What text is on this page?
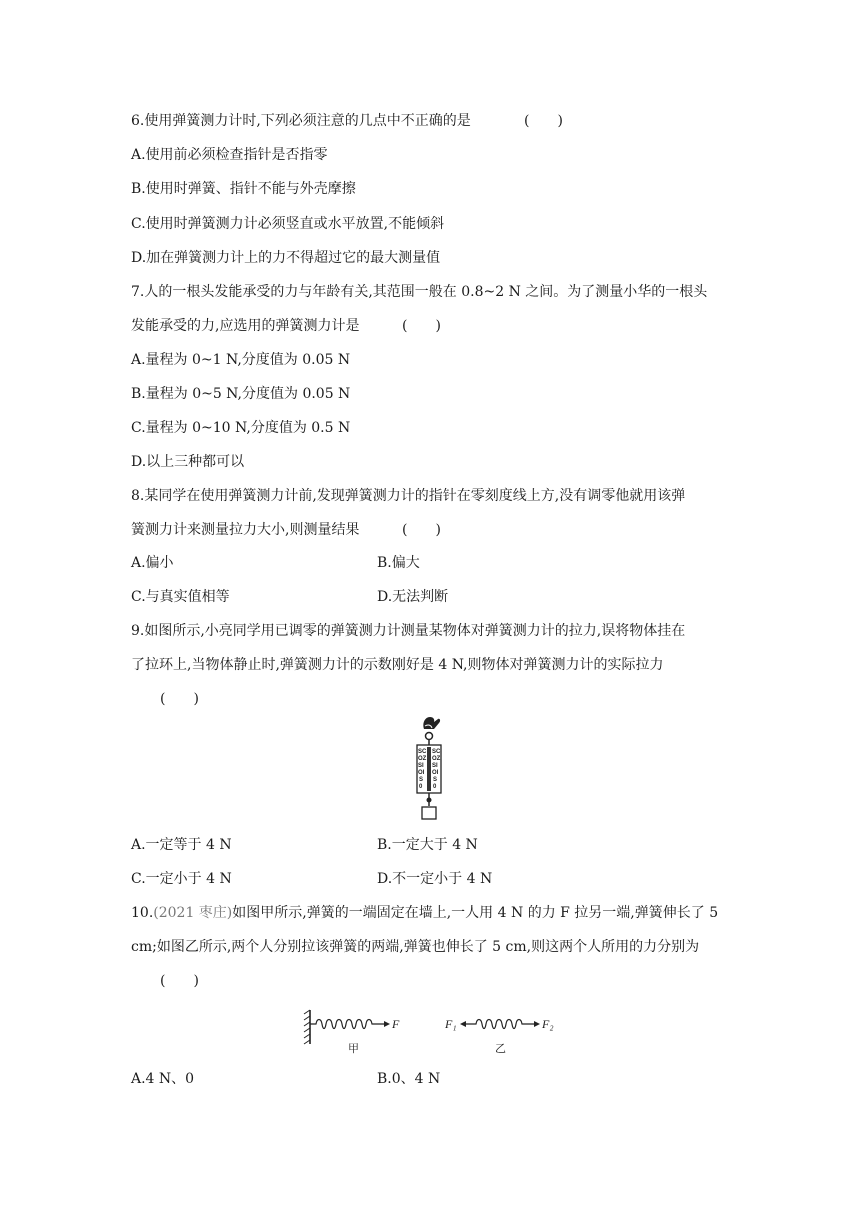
6.使用弹簧测力计时,下列必须注意的几点中不正确的是	(　　)
A.使用前必须检查指针是否指零
B.使用时弹簧、指针不能与外壳摩擦
C.使用时弹簧测力计必须竖直或水平放置,不能倾斜
D.加在弹簧测力计上的力不得超过它的最大测量值
7.人的一根头发能承受的力与年龄有关,其范围一般在 0.8~2 N 之间。为了测量小华的一根头
发能承受的力,应选用的弹簧测力计是	(　　)
A.量程为 0~1 N,分度值为 0.05 N
B.量程为 0~5 N,分度值为 0.05 N
C.量程为 0~10 N,分度值为 0.5 N
D.以上三种都可以
8.某同学在使用弹簧测力计前,发现弹簧测力计的指针在零刻度线上方,没有调零他就用该弹
簧测力计来测量拉力大小,则测量结果	(　　)
A.偏小	B.偏大
C.与真实值相等	D.无法判断
9.如图所示,小亮同学用已调零的弹簧测力计测量某物体对弹簧测力计的拉力,误将物体挂在
了拉环上,当物体静止时,弹簧测力计的示数刚好是 4 N,则物体对弹簧测力计的实际拉力
(　　)
SC
OZ
SI
OI
S
0
SC
OZ
SI
OI
S
0
A.一定等于 4 N	B.一定大于 4 N
C.一定小于 4 N	D.不一定小于 4 N
10.(2021 枣庄)如图甲所示,弹簧的一端固定在墙上,一人用 4 N 的力 F 拉另一端,弹簧伸长了 5
cm;如图乙所示,两个人分别拉该弹簧的两端,弹簧也伸长了 5 cm,则这两个人所用的力分别为
(　　)
F
甲
F₁	F₂
乙
A.4 N、0	B.0、4 N
